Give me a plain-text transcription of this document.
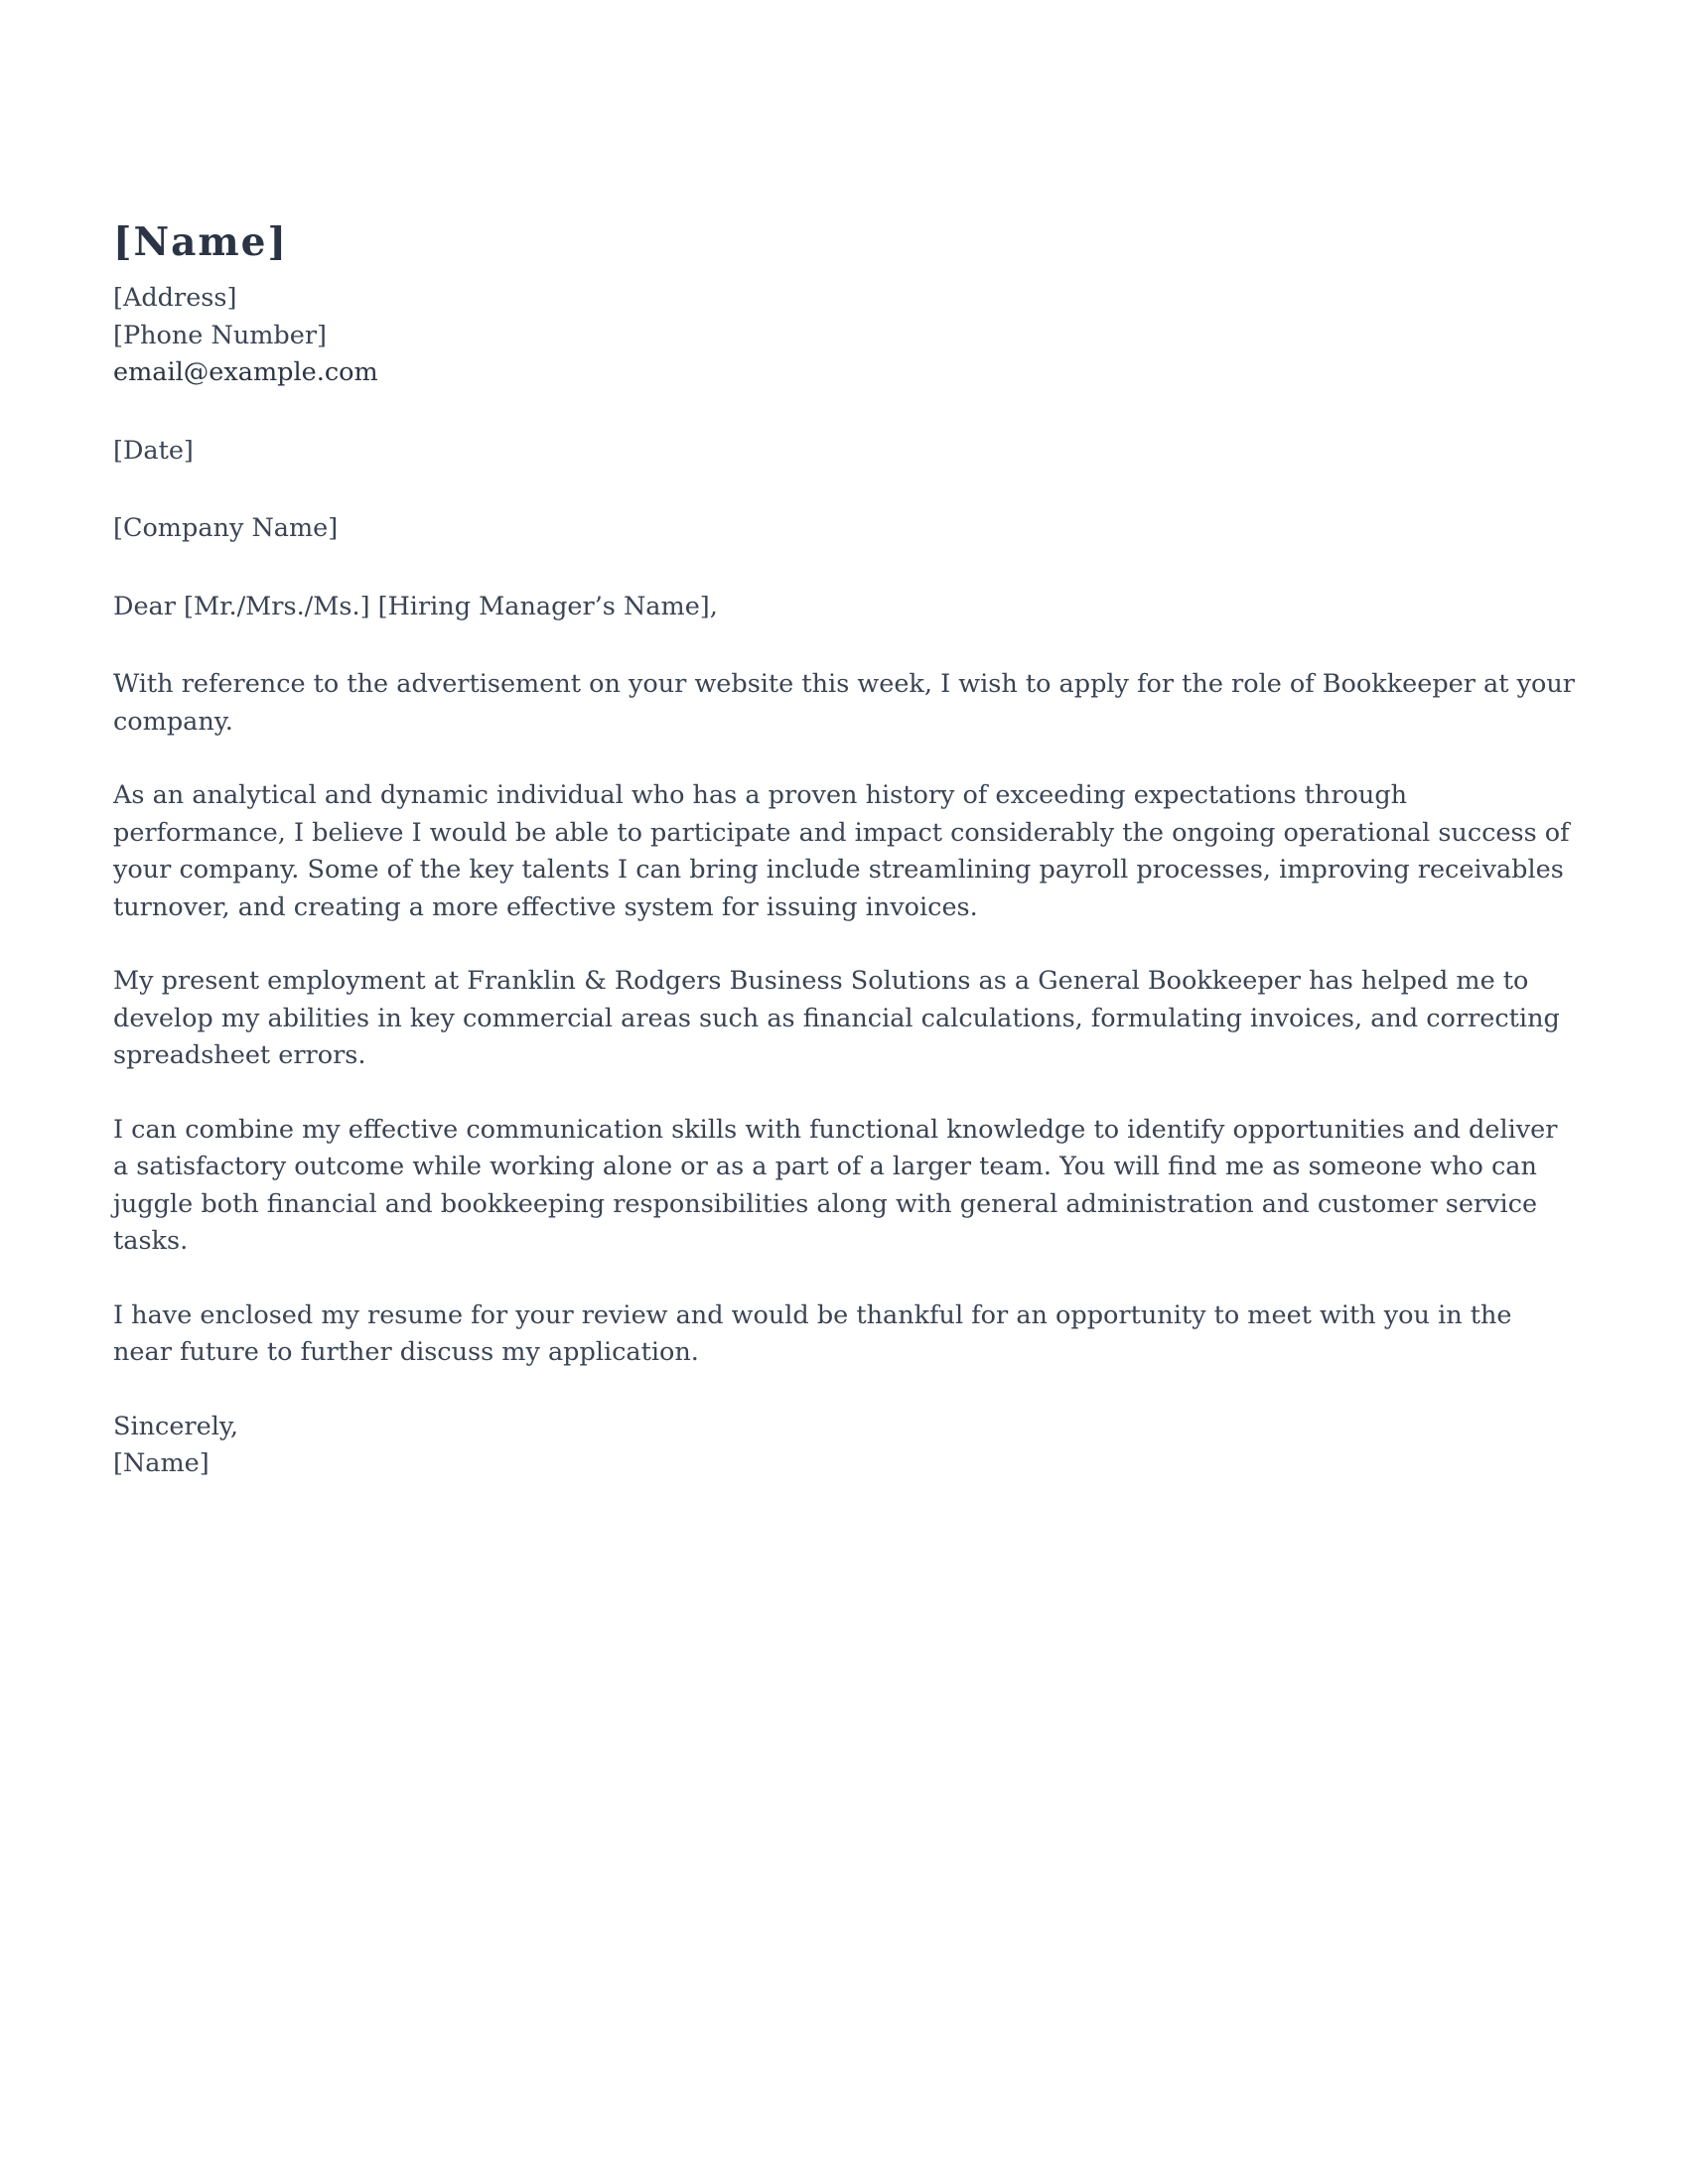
[Name]
[Address]
[Phone Number]
email@example.com
[Date]
[Company Name]
Dear [Mr./Mrs./Ms.] [Hiring Manager’s Name],

With reference to the advertisement on your website this week, I wish to apply for the role of Bookkeeper at your company.

As an analytical and dynamic individual who has a proven history of exceeding expectations through performance, I believe I would be able to participate and impact considerably the ongoing operational success of your company. Some of the key talents I can bring include streamlining payroll processes, improving receivables turnover, and creating a more effective system for issuing invoices.

My present employment at Franklin & Rodgers Business Solutions as a General Bookkeeper has helped me to develop my abilities in key commercial areas such as financial calculations, formulating invoices, and correcting spreadsheet errors.

I can combine my effective communication skills with functional knowledge to identify opportunities and deliver a satisfactory outcome while working alone or as a part of a larger team. You will find me as someone who can juggle both financial and bookkeeping responsibilities along with general administration and customer service tasks.

I have enclosed my resume for your review and would be thankful for an opportunity to meet with you in the near future to further discuss my application.

Sincerely,
[Name]
